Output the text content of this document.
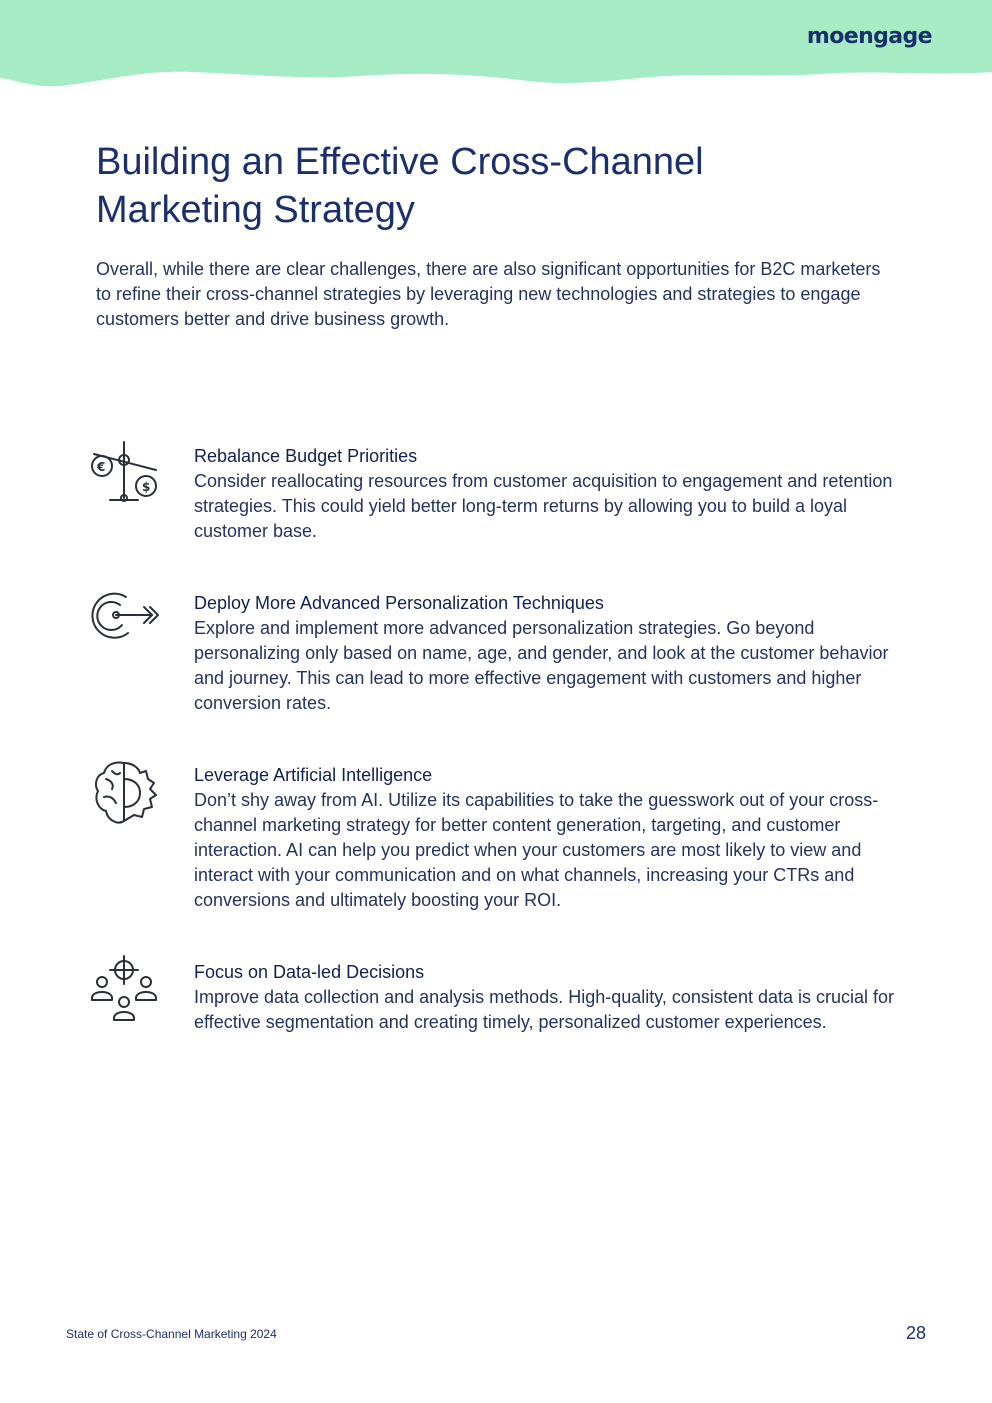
moengage
Building an Effective Cross-Channel Marketing Strategy

Overall, while there are clear challenges, there are also significant opportunities for B2C marketers to refine their cross-channel strategies by leveraging new technologies and strategies to engage customers better and drive business growth.

€
$
Rebalance Budget Priorities

Consider reallocating resources from customer acquisition to engagement and retention strategies. This could yield better long-term returns by allowing you to build a loyal customer base.

Deploy More Advanced Personalization Techniques

Explore and implement more advanced personalization strategies. Go beyond personalizing only based on name, age, and gender, and look at the customer behavior and journey. This can lead to more effective engagement with customers and higher conversion rates.

Leverage Artificial Intelligence

Don’t shy away from AI. Utilize its capabilities to take the guesswork out of your cross-channel marketing strategy for better content generation, targeting, and customer interaction. AI can help you predict when your customers are most likely to view and interact with your communication and on what channels, increasing your CTRs and conversions and ultimately boosting your ROI.

Focus on Data-led Decisions

Improve data collection and analysis methods. High-quality, consistent data is crucial for effective segmentation and creating timely, personalized customer experiences.

State of Cross-Channel Marketing 2024	28
